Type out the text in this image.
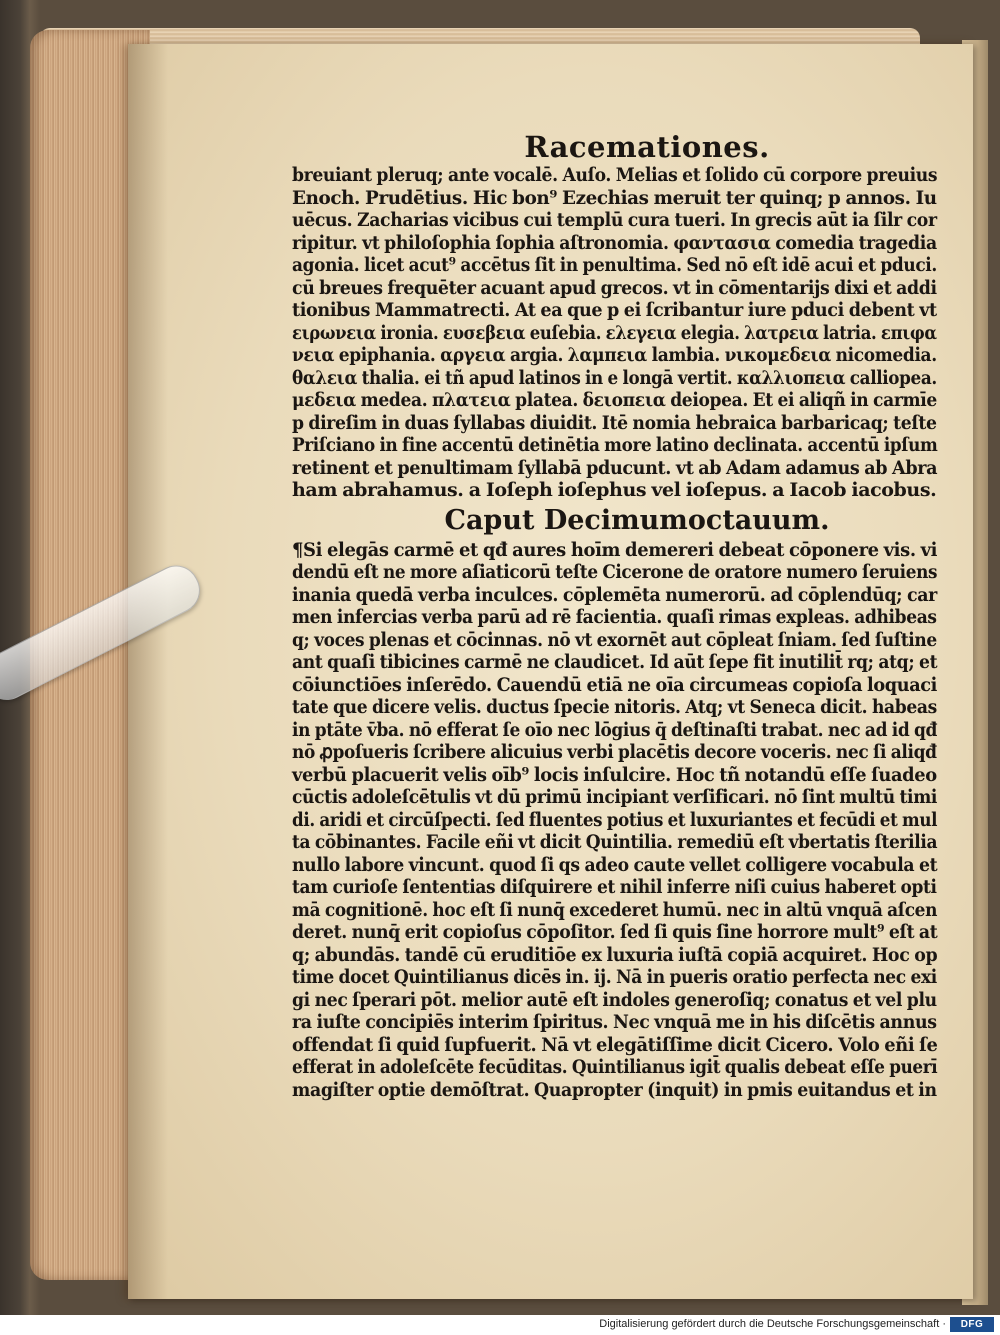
Racemationes.
breuiant pleruq; ante vocalē. Auſo. Melias et ſolido cū corpore preuius
Enoch. Prudētius. Hic bon⁹ Ezechias meruit ter quinq; p annos. Iu
uēcus. Zacharias vicibus cui templū cura tueri. In grecis aūt ia ſilr cor
ripitur. vt philoſophia ſophia aſtronomia. φαντασια comedia tragedia
agonia. licet acut⁹ accētus ſit in penultima. Sed nō eſt idē acui et pduci.
cū breues frequēter acuant apud grecos. vt in cōmentarijs dixi et addi
tionibus Mammatrecti. At ea que p ei ſcribantur iure pduci debent vt
ειρωνεια ironia. ευσεβεια euſebia. ελεγεια elegia. λατρεια latria. επιφα
νεια epiphania. αργεια argia. λαμπεια lambia. νικομεδεια nicomedia.
θαλεια thalia. ei tñ apud latinos in e longā vertit. καλλιοπεια calliopea.
μεδεια medea. πλατεια platea. δειοπεια deiopea. Et ei aliqñ in carmīe
p direſim in duas ſyllabas diuidit. Itē nomia hebraica barbaricaq; teſte
Priſciano in fine accentū detinētia more latino declinata. accentū ipſum
retinent et penultimam ſyllabā pducunt. vt ab Adam adamus ab Abra
ham abrahamus. a Ioſeph ioſephus vel ioſepus. a Iacob iacobus.
Caput Decimumoctauum.
¶Si elegās carmē et qđ aures hoīm demereri debeat cōponere vis. vi
dendū eſt ne more aſiaticorū teſte Cicerone de oratore numero ſeruiens
inania quedā verba inculces. cōplemēta numerorū. ad cōplendūq; car
men infercias verba parū ad rē facientia. quaſi rimas expleas. adhibeas
q; voces plenas et cōcinnas. nō vt exornēt aut cōpleat ſniam. ſed ſuſtine
ant quaſi tibicines carmē ne claudicet. Id aūt ſepe fit inutilit̄ rq; atq; et
cōiunctiōes inſerēdo. Cauendū etiā ne oīa circumeas copioſa loquaci
tate que dicere velis. ductus ſpecie nitoris. Atq; vt Seneca dicit. habeas
in ptāte v̄ba. nō efferat ſe oīo nec lōgius q̄ deſtinaſti trabat. nec ad id qđ
nō ꝓpoſueris ſcribere alicuius verbi placētis decore voceris. nec ſi aliqđ
verbū placuerit velis oīb⁹ locis inſulcire. Hoc tñ notandū eſſe ſuadeo
cūctis adoleſcētulis vt dū primū incipiant verſificari. nō ſint multū timi
di. aridi et circūſpecti. ſed fluentes potius et luxuriantes et fecūdi et mul
ta cōbinantes. Facile eñi vt dicit Quintilia. remediū eſt vbertatis ſterilia
nullo labore vincunt. quod ſi qs adeo caute vellet colligere vocabula et
tam curioſe ſententias diſquirere et nihil inferre niſi cuius haberet opti
mā cognitionē. hoc eſt ſi nunq̄ excederet humū. nec in altū vnquā aſcen
deret. nunq̄ erit copioſus cōpoſitor. ſed ſi quis ſine horrore mult⁹ eſt at
q; abundās. tandē cū eruditiōe ex luxuria iuſtā copiā acquiret. Hoc op
time docet Quintilianus dicēs in. ij. Nā in pueris oratio perfecta nec exi
gi nec ſperari pōt. melior autē eſt indoles generoſiq; conatus et vel plu
ra iuſte concipiēs interim ſpiritus. Nec vnquā me in his diſcētis annus
offendat ſi quid ſupfuerit. Nā vt elegātiſſime dicit Cicero. Volo eñi ſe
efferat in adoleſcēte fecūditas. Quintilianus igit̄ qualis debeat eſſe puerī
magiſter optie demōſtrat. Quapropter (inquit) in pmis euitandus et in
Digitalisierung gefördert durch die Deutsche Forschungsgemeinschaft ·	DFG
